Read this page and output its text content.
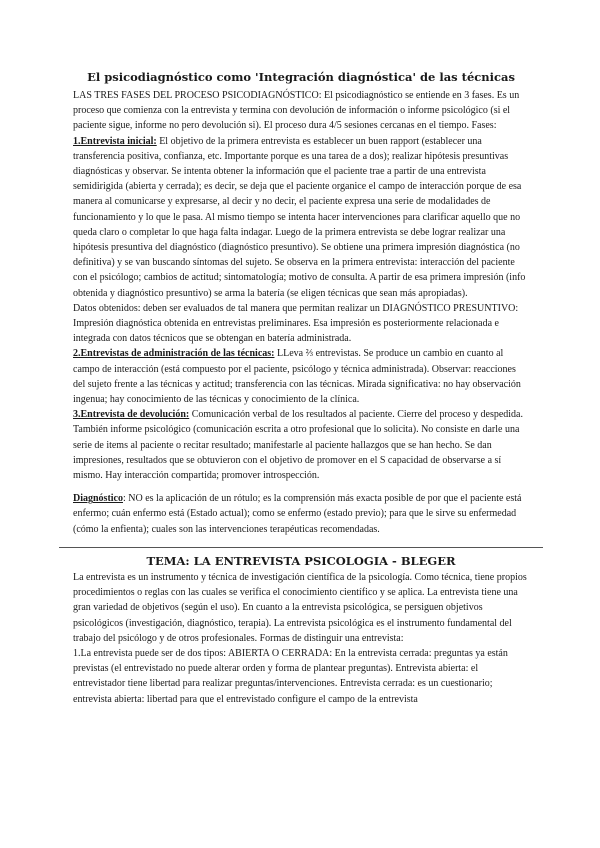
El psicodiagnóstico como 'Integración diagnóstica' de las técnicas

LAS TRES FASES DEL PROCESO PSICODIAGNÓSTICO: El psicodiagnóstico se entiende en 3 fases. Es un proceso que comienza con la entrevista y termina con devolución de información o informe psicológico (si el paciente sigue, informe no pero devolución si). El proceso dura 4/5 sesiones cercanas en el tiempo. Fases:

1.Entrevista inicial: El objetivo de la primera entrevista es establecer un buen rapport (establecer una transferencia positiva, confianza, etc. Importante porque es una tarea de a dos); realizar hipótesis presuntivas diagnósticas y observar. Se intenta obtener la información que el paciente trae a partir de una entrevista semidirigida (abierta y cerrada); es decir, se deja que el paciente organice el campo de interacción porque de esa manera al comunicarse y expresarse, al decir y no decir, el paciente expresa una serie de modalidades de funcionamiento y lo que le pasa. Al mismo tiempo se intenta hacer intervenciones para clarificar aquello que no queda claro o completar lo que haga falta indagar. Luego de la primera entrevista se debe lograr realizar una hipótesis presuntiva del diagnóstico (diagnóstico presuntivo). Se obtiene una primera impresión diagnóstica (no definitiva) y se van buscando síntomas del sujeto. Se observa en la primera entrevista: interacción del paciente con el psicólogo; cambios de actitud; sintomatología; motivo de consulta. A partir de esa primera impresión (info obtenida y diagnóstico presuntivo) se arma la batería (se eligen técnicas que sean más apropiadas).

Datos obtenidos: deben ser evaluados de tal manera que permitan realizar un DIAGNÓSTICO PRESUNTIVO: Impresión diagnóstica obtenida en entrevistas preliminares. Esa impresión es posteriormente relacionada e integrada con datos técnicos que se obtengan en batería administrada.

2.Entrevistas de administración de las técnicas: LLeva ⅔ entrevistas. Se produce un cambio en cuanto al campo de interacción (está compuesto por el paciente, psicólogo y técnica administrada). Observar: reacciones del sujeto frente a las técnicas y actitud; transferencia con las técnicas. Mirada significativa: no hay observación ingenua; hay conocimiento de las técnicas y conocimiento de la clínica.

3.Entrevista de devolución: Comunicación verbal de los resultados al paciente. Cierre del proceso y despedida. También informe psicológico (comunicación escrita a otro profesional que lo solicita). No consiste en darle una serie de items al paciente o recitar resultado; manifestarle al paciente hallazgos que se han hecho. Se dan impresiones, resultados que se obtuvieron con el objetivo de promover en el S capacidad de observarse a sí mismo. Hay interacción compartida; promover introspección.

Diagnóstico: NO es la aplicación de un rótulo; es la comprensión más exacta posible de por que el paciente está enfermo; cuán enfermo está (Estado actual); como se enfermo (estado previo); para que le sirve su enfermedad (cómo la enfienta); cuales son las intervenciones terapéuticas recomendadas.

TEMA: LA ENTREVISTA PSICOLOGIA - BLEGER

La entrevista es un instrumento y técnica de investigación científica de la psicología. Como técnica, tiene propios procedimientos o reglas con las cuales se verifica el conocimiento científico y se aplica. La entrevista tiene una gran variedad de objetivos (según el uso). En cuanto a la entrevista psicológica, se persiguen objetivos psicológicos (investigación, diagnóstico, terapia). La entrevista psicológica es el instrumento fundamental del trabajo del psicólogo y de otros profesionales. Formas de distinguir una entrevista:

1.La entrevista puede ser de dos tipos: ABIERTA O CERRADA: En la entrevista cerrada: preguntas ya están previstas (el entrevistado no puede alterar orden y forma de plantear preguntas). Entrevista abierta: el entrevistador tiene libertad para realizar preguntas/intervenciones. Entrevista cerrada: es un cuestionario; entrevista abierta: libertad para que el entrevistado configure el campo de la entrevista
